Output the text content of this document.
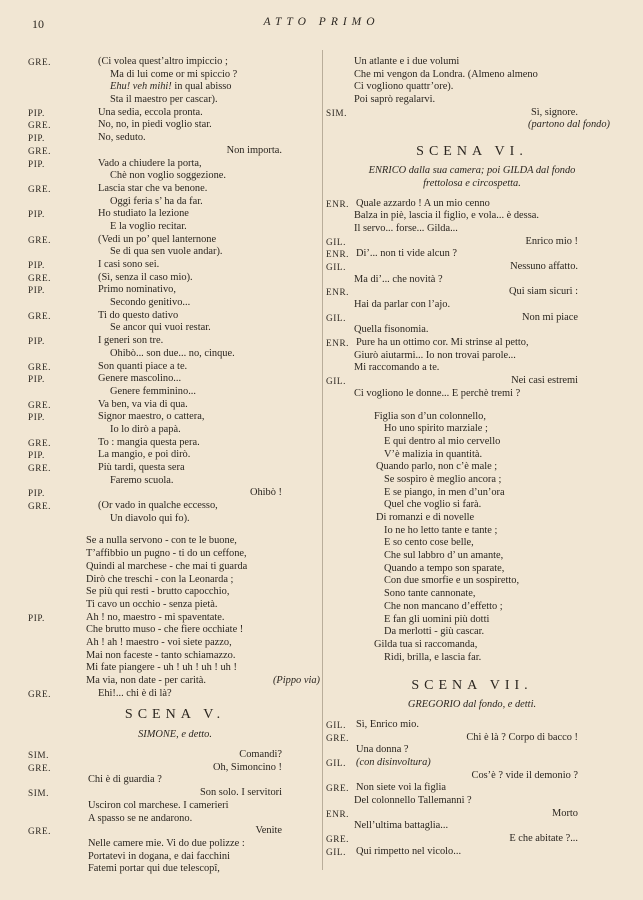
10	ATTO PRIMO
GRE.	(Ci volea quest’altro impiccio ;
Ma di lui come or mi spiccio ?
Ehu! veh mihi! in qual abisso
Sta il maestro per cascar).
PIP.	Una sedia, eccola pronta.
GRE.	No, no, in piedi voglio star.
PIP.	No, seduto.
GRE.	Non importa.
PIP.	Vado a chiudere la porta,
Chè non voglio soggezione.
GRE.	Lascia star che va benone.
Oggi feria s’ ha da far.
PIP.	Ho studiato la lezione
E la voglio recitar.
GRE.	(Vedi un po’ quel lanternone
Se di qua sen vuole andar).
PIP.	I casi sono sei.
GRE.	(Sì, senza il caso mio).
PIP.	Primo nominativo,
Secondo genitivo...
GRE.	Ti do questo dativo
Se ancor qui vuoi restar.
PIP.	I generi son tre.
Ohibò... son due... no, cinque.
GRE.	Son quanti piace a te.
PIP.	Genere mascolino...
Genere femminino...
GRE.	Va ben, va via di qua.
PIP.	Signor maestro, o cattera,
Io lo dirò a papà.
GRE.	To : mangia questa pera.
PIP.	La mangio, e poi dirò.
GRE.	Più tardi, questa sera
Faremo scuola.
PIP.	Ohibò !
GRE.	(Or vado in qualche eccesso,
Un diavolo qui fo).
Se a nulla servono - con te le buone,
T’affibbio un pugno - ti do un ceffone,
Quindi al marchese - che mai ti guarda
Dirò che treschi - con la Leonarda ;
Se più qui resti - brutto capocchio,
Ti cavo un occhio - senza pietà.
PIP.	Ah ! no, maestro - mi spaventate.
Che brutto muso - che fiere occhiate !
Ah ! ah ! maestro - voi siete pazzo,
Mai non faceste - tanto schiamazzo.
Mi fate piangere - uh ! uh ! uh ! uh !
Ma via, non date - per carità.	(Pippo via)
GRE.	Ehi!... chi è di là?
SCENA V.
SIMONE, e detto.
SIM.	Comandi?
GRE.	Oh, Simoncino !
Chi è di guardia ?
SIM.	Son solo. I servitori
Usciron col marchese. I camerieri
A spasso se ne andarono.
GRE.	Venite
Nelle camere mie. Vi do due polizze :
Portatevi in dogana, e dai facchini
Fatemi portar qui due telescopî,
Un atlante e i due volumi
Che mi vengon da Londra. (Almeno almeno
Ci vogliono quattr’ore).
Poi saprò regalarvi.
SIM.	Sì, signore.
(partono dal fondo)
SCENA VI.
ENRICO dalla sua camera; poi GILDA dal fondo
frettolosa e circospetta.
ENR. Quale azzardo ! A un mio cenno
Balza in piè, lascia il figlio, e vola... è dessa.
Il servo... forse... Gilda...
GIL.	Enrico mio !
ENR. Di’... non ti vide alcun ?
GIL.	Nessuno affatto.
Ma di’... che novità ?
ENR.	Qui siam sicuri :
Hai da parlar con l’ajo.
GIL.	Non mi piace
Quella fisonomia.
ENR. Pure ha un ottimo cor. Mi strinse al petto,
Giurò aiutarmi... Io non trovai parole...
Mi raccomando a te.
GIL.	Nei casi estremi
Ci vogliono le donne... E perchè tremi ?
Figlia son d’un colonnello,
Ho uno spirito marziale ;
E qui dentro al mio cervello
V’è malizia in quantità.
Quando parlo, non c’è male ;
Se sospiro è meglio ancora ;
E se piango, in men d’un’ora
Quel che voglio si farà.
Di romanzi e di novelle
Io ne ho letto tante e tante ;
E so cento cose belle,
Che sul labbro d’ un amante,
Quando a tempo son sparate,
Con due smorfie e un sospiretto,
Sono tante cannonate,
Che non mancano d’effetto ;
E fan gli uomini più dotti
Da merlotti - giù cascar.
Gilda tua si raccomanda,
Ridi, brilla, e lascia far.
SCENA VII.
GREGORIO dal fondo, e detti.
GIL. Sì, Enrico mio.
GRE.	Chi è là ? Corpo di bacco !
Una donna ?
GIL. (con disinvoltura)
Cos’è ? vide il demonio ?
GRE. Non siete voi la figlia
Del colonnello Tallemanni ?
ENR.	Morto
Nell’ultima battaglia...
GRE.	E che abitate ?...
GIL. Qui rimpetto nel vicolo...
